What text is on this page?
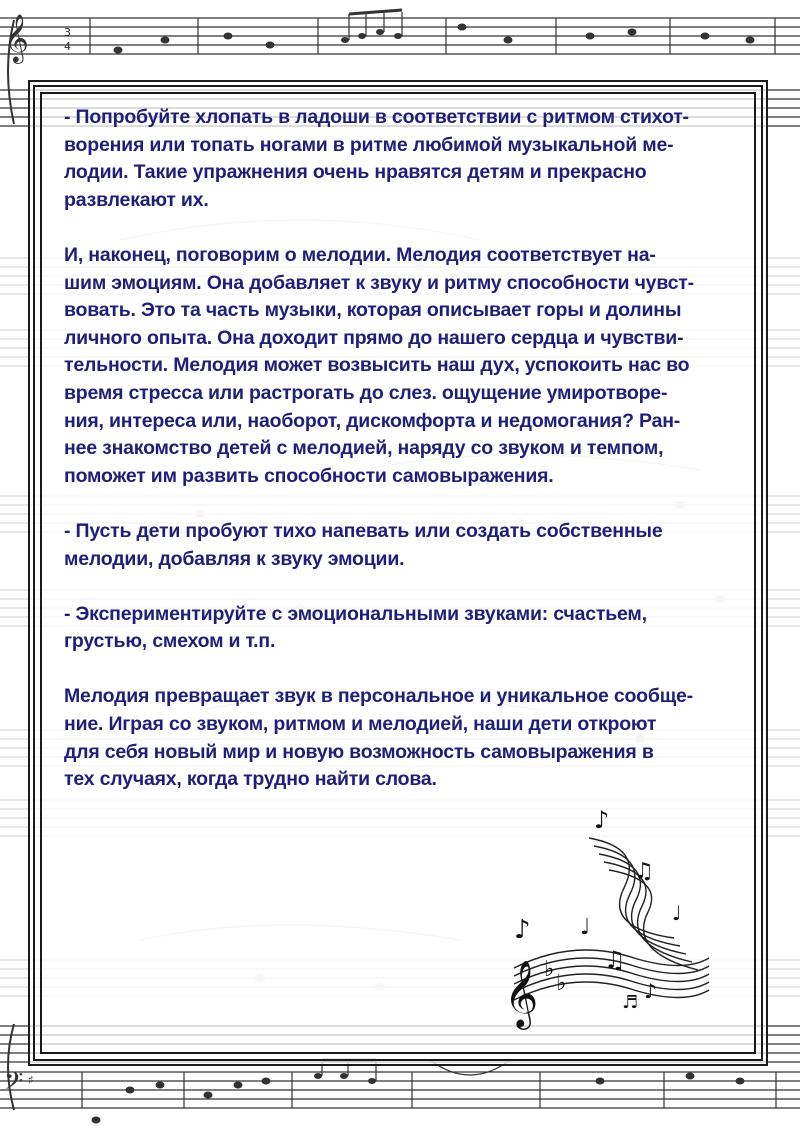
𝄞	3
4
𝄢 ♯

- Попробуйте хлопать в ладоши в соответствии с ритмом стихот-
ворения или топать ногами в ритме любимой музыкальной ме-
лодии. Такие упражнения очень нравятся детям и прекрасно
развлекают их.

И, наконец, поговорим о мелодии. Мелодия соответствует на-
шим эмоциям. Она добавляет к звуку и ритму способности чувст-
вовать. Это та часть музыки, которая описывает горы и долины
личного опыта. Она доходит прямо до нашего сердца и чувстви-
тельности. Мелодия может возвысить наш дух, успокоить нас во
время стресса или растрогать до слез. ощущение умиротворе-
ния, интереса или, наоборот, дискомфорта и недомогания? Ран-
нее знакомство детей с мелодией, наряду со звуком и темпом,
поможет им развить способности самовыражения.

- Пусть дети пробуют тихо напевать или создать собственные
мелодии, добавляя к звуку эмоции.

- Экспериментируйте с эмоциональными звуками: счастьем,
грустью, смехом и т.п.

Мелодия превращает звук в персональное и уникальное сообще-
ние. Играя со звуком, ритмом и мелодией, наши дети откроют
для себя новый мир и новую возможность самовыражения в
тех случаях, когда трудно найти слова.

𝄞 ♭
♭
♪
♪
♫
♩
♫
♪
♩
♬
